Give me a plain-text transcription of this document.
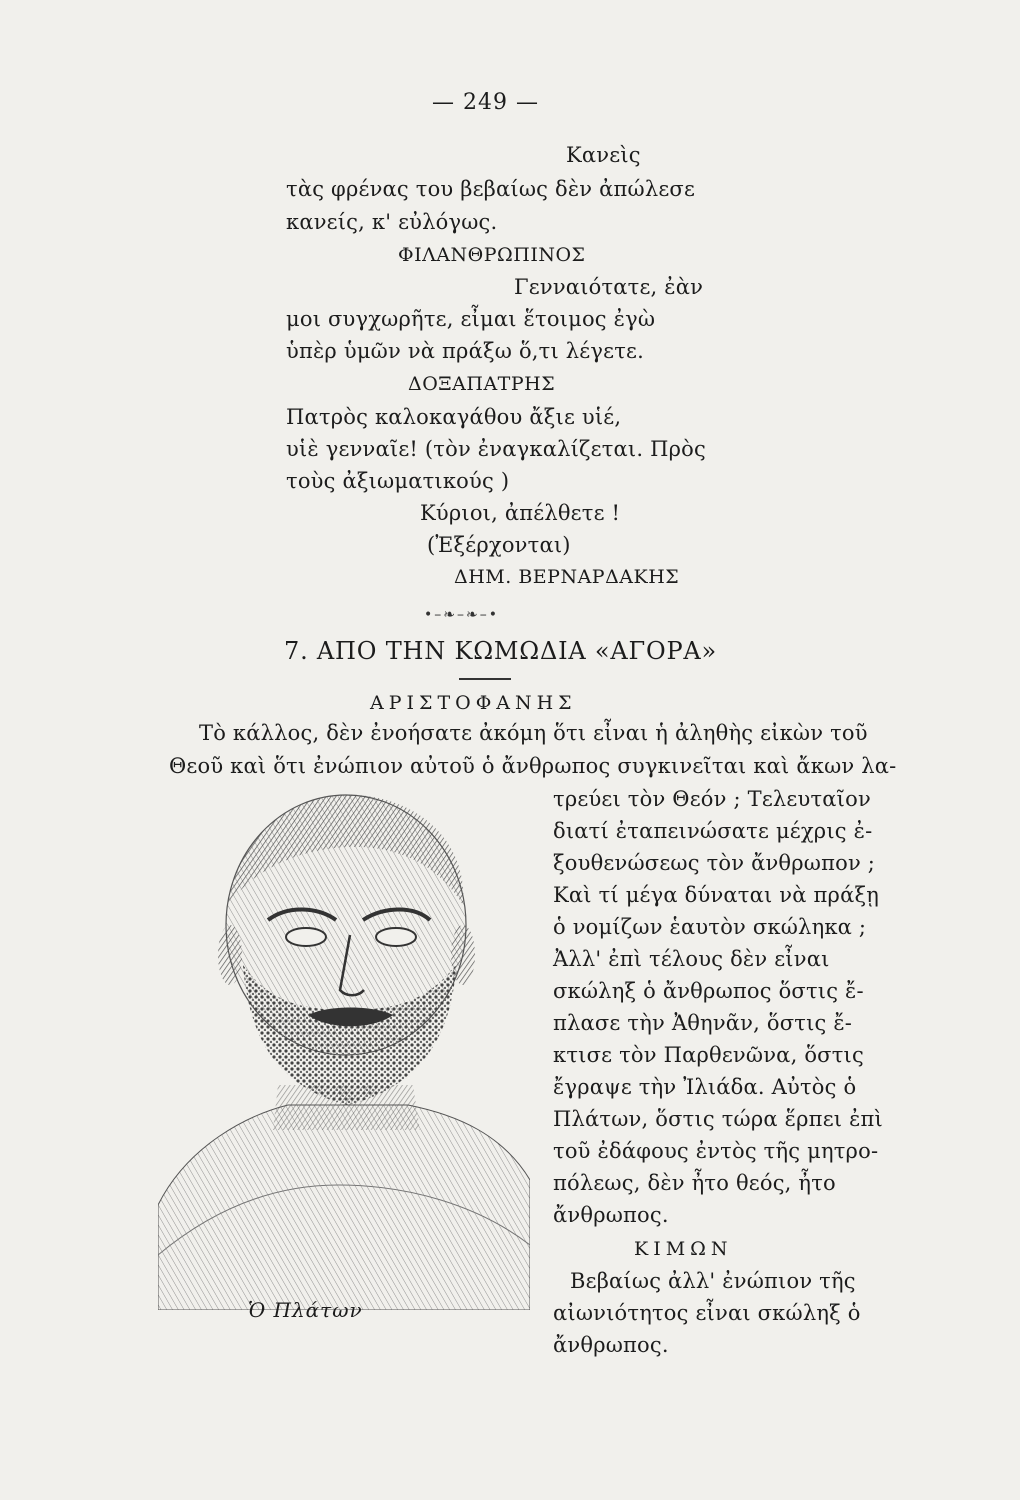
— 249 —
Κανεὶς
τὰς φρένας του βεβαίως δὲν ἀπώλεσε
κανείς, κ' εὐλόγως.
ΦΙΛΑΝΘΡΩΠΙΝΟΣ
Γενναιότατε, ἐὰν
μοι συγχωρῆτε, εἶμαι ἕτοιμος ἐγὼ
ὑπὲρ ὑμῶν νὰ πράξω ὅ,τι λέγετε.
ΔΟΞΑΠΑΤΡΗΣ
Πατρὸς καλοκαγάθου ἄξιε υἱέ,
υἱὲ γενναῖε! (τὸν ἐναγκαλίζεται. Πρὸς
τοὺς ἀξιωματικούς )
Κύριοι, ἀπέλθετε !
(Ἐξέρχονται)
ΔΗΜ. ΒΕΡΝΑΡΔΑΚΗΣ
•–❧–❧–•
7. ΑΠΟ ΤΗΝ ΚΩΜΩΔΙΑ «ΑΓΟΡΑ»
ΑΡΙΣΤΟΦΑΝΗΣ
Τὸ κάλλος, δὲν ἐνοήσατε ἀκόμη ὅτι εἶναι ἡ ἀληθὴς εἰκὼν τοῦ
Θεοῦ καὶ ὅτι ἐνώπιον αὐτοῦ ὁ ἄνθρωπος συγκινεῖται καὶ ἄκων λα-
τρεύει τὸν Θεόν ; Τελευταῖον
διατί ἐταπεινώσατε μέχρις ἐ-
ξουθενώσεως τὸν ἄνθρωπον ;
Καὶ τί μέγα δύναται νὰ πράξῃ
ὁ νομίζων ἑαυτὸν σκώληκα ;
Ἀλλ' ἐπὶ τέλους δὲν εἶναι
σκώληξ ὁ ἄνθρωπος ὅστις ἔ-
πλασε τὴν Ἀθηνᾶν, ὅστις ἔ-
κτισε τὸν Παρθενῶνα, ὅστις
ἔγραψε τὴν Ἰλιάδα. Αὐτὸς ὁ
Πλάτων, ὅστις τώρα ἕρπει ἐπὶ
τοῦ ἐδάφους ἐντὸς τῆς μητρο-
πόλεως, δὲν ἦτο θεός, ἦτο
ἄνθρωπος.
ΚΙΜΩΝ
Βεβαίως ἀλλ' ἐνώπιον τῆς
αἰωνιότητος εἶναι σκώληξ ὁ
ἄνθρωπος.
Ὁ Πλάτων
